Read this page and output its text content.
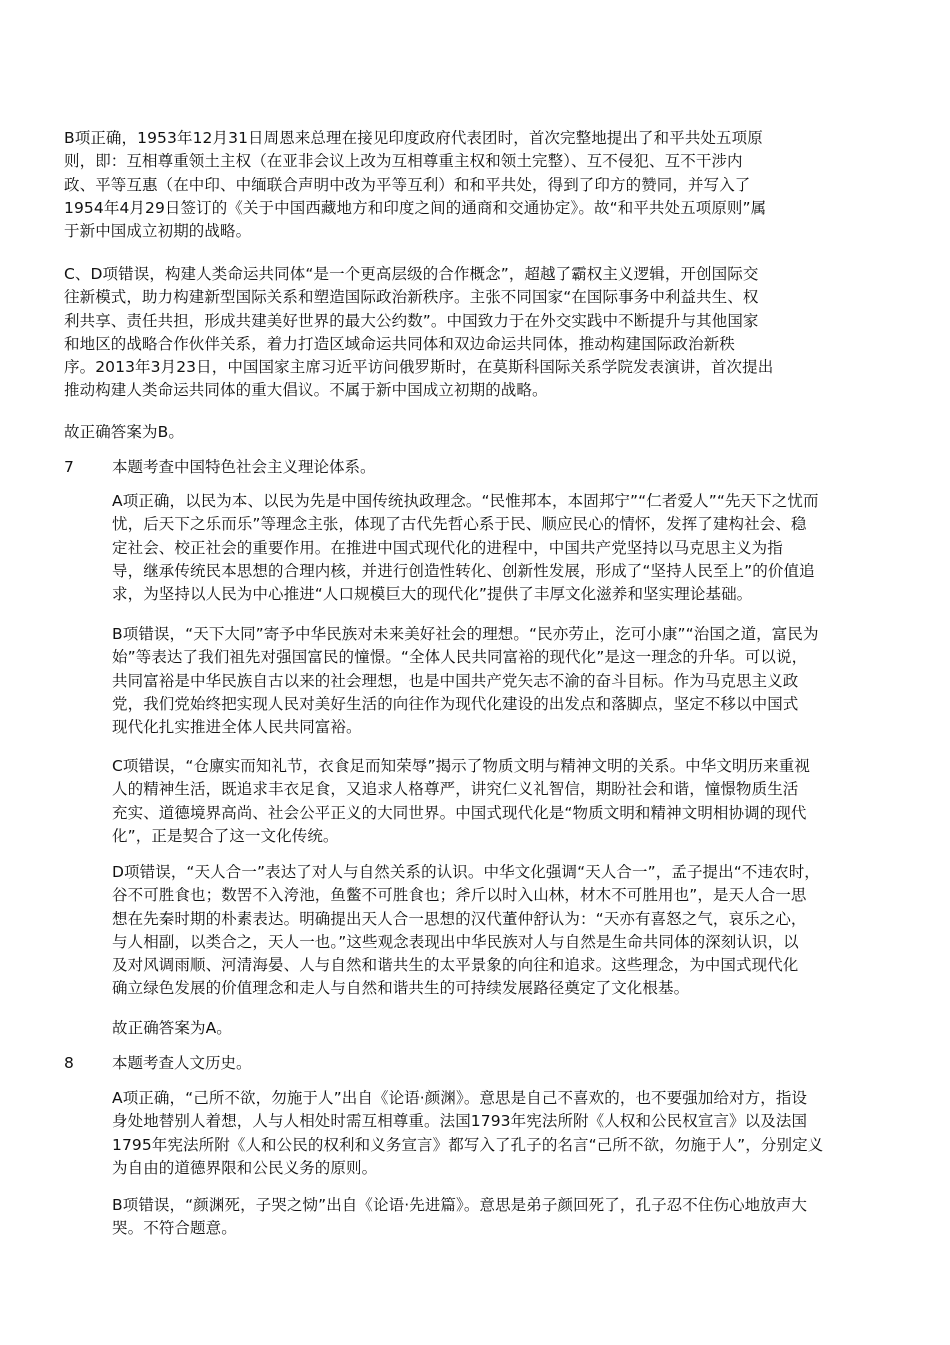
B项正确，1953年12月31日周恩来总理在接见印度政府代表团时，首次完整地提出了和平共处五项原
则，即：互相尊重领土主权（在亚非会议上改为互相尊重主权和领土完整）、互不侵犯、互不干涉内
政、平等互惠（在中印、中缅联合声明中改为平等互利）和和平共处，得到了印方的赞同，并写入了
1954年4月29日签订的《关于中国西藏地方和印度之间的通商和交通协定》。故“和平共处五项原则”属
于新中国成立初期的战略。
C、D项错误，构建人类命运共同体“是一个更高层级的合作概念”，超越了霸权主义逻辑，开创国际交
往新模式，助力构建新型国际关系和塑造国际政治新秩序。主张不同国家“在国际事务中利益共生、权
利共享、责任共担，形成共建美好世界的最大公约数”。中国致力于在外交实践中不断提升与其他国家
和地区的战略合作伙伴关系，着力打造区域命运共同体和双边命运共同体，推动构建国际政治新秩
序。2013年3月23日，中国国家主席习近平访问俄罗斯时，在莫斯科国际关系学院发表演讲，首次提出
推动构建人类命运共同体的重大倡议。不属于新中国成立初期的战略。
故正确答案为B。
7 本题考查中国特色社会主义理论体系。
A项正确，以民为本、以民为先是中国传统执政理念。“民惟邦本，本固邦宁”“仁者爱人”“先天下之忧而
忧，后天下之乐而乐”等理念主张，体现了古代先哲心系于民、顺应民心的情怀，发挥了建构社会、稳
定社会、校正社会的重要作用。在推进中国式现代化的进程中，中国共产党坚持以马克思主义为指
导，继承传统民本思想的合理内核，并进行创造性转化、创新性发展，形成了“坚持人民至上”的价值追
求，为坚持以人民为中心推进“人口规模巨大的现代化”提供了丰厚文化滋养和坚实理论基础。
B项错误，“天下大同”寄予中华民族对未来美好社会的理想。“民亦劳止，汔可小康”“治国之道，富民为
始”等表达了我们祖先对强国富民的憧憬。“全体人民共同富裕的现代化”是这一理念的升华。可以说，
共同富裕是中华民族自古以来的社会理想，也是中国共产党矢志不渝的奋斗目标。作为马克思主义政
党，我们党始终把实现人民对美好生活的向往作为现代化建设的出发点和落脚点，坚定不移以中国式
现代化扎实推进全体人民共同富裕。
C项错误，“仓廪实而知礼节，衣食足而知荣辱”揭示了物质文明与精神文明的关系。中华文明历来重视
人的精神生活，既追求丰衣足食，又追求人格尊严，讲究仁义礼智信，期盼社会和谐，憧憬物质生活
充实、道德境界高尚、社会公平正义的大同世界。中国式现代化是“物质文明和精神文明相协调的现代
化”，正是契合了这一文化传统。
D项错误，“天人合一”表达了对人与自然关系的认识。中华文化强调“天人合一”，孟子提出“不违农时，
谷不可胜食也；数罟不入洿池，鱼鳖不可胜食也；斧斤以时入山林，材木不可胜用也”，是天人合一思
想在先秦时期的朴素表达。明确提出天人合一思想的汉代董仲舒认为：“天亦有喜怒之气，哀乐之心，
与人相副，以类合之，天人一也。”这些观念表现出中华民族对人与自然是生命共同体的深刻认识，以
及对风调雨顺、河清海晏、人与自然和谐共生的太平景象的向往和追求。这些理念，为中国式现代化
确立绿色发展的价值理念和走人与自然和谐共生的可持续发展路径奠定了文化根基。
故正确答案为A。
8 本题考查人文历史。
A项正确，“己所不欲，勿施于人”出自《论语·颜渊》。意思是自己不喜欢的，也不要强加给对方，指设
身处地替别人着想，人与人相处时需互相尊重。法国1793年宪法所附《人权和公民权宣言》以及法国
1795年宪法所附《人和公民的权利和义务宣言》都写入了孔子的名言“己所不欲，勿施于人”，分别定义
为自由的道德界限和公民义务的原则。
B项错误，“颜渊死，子哭之恸”出自《论语·先进篇》。意思是弟子颜回死了，孔子忍不住伤心地放声大
哭。不符合题意。
